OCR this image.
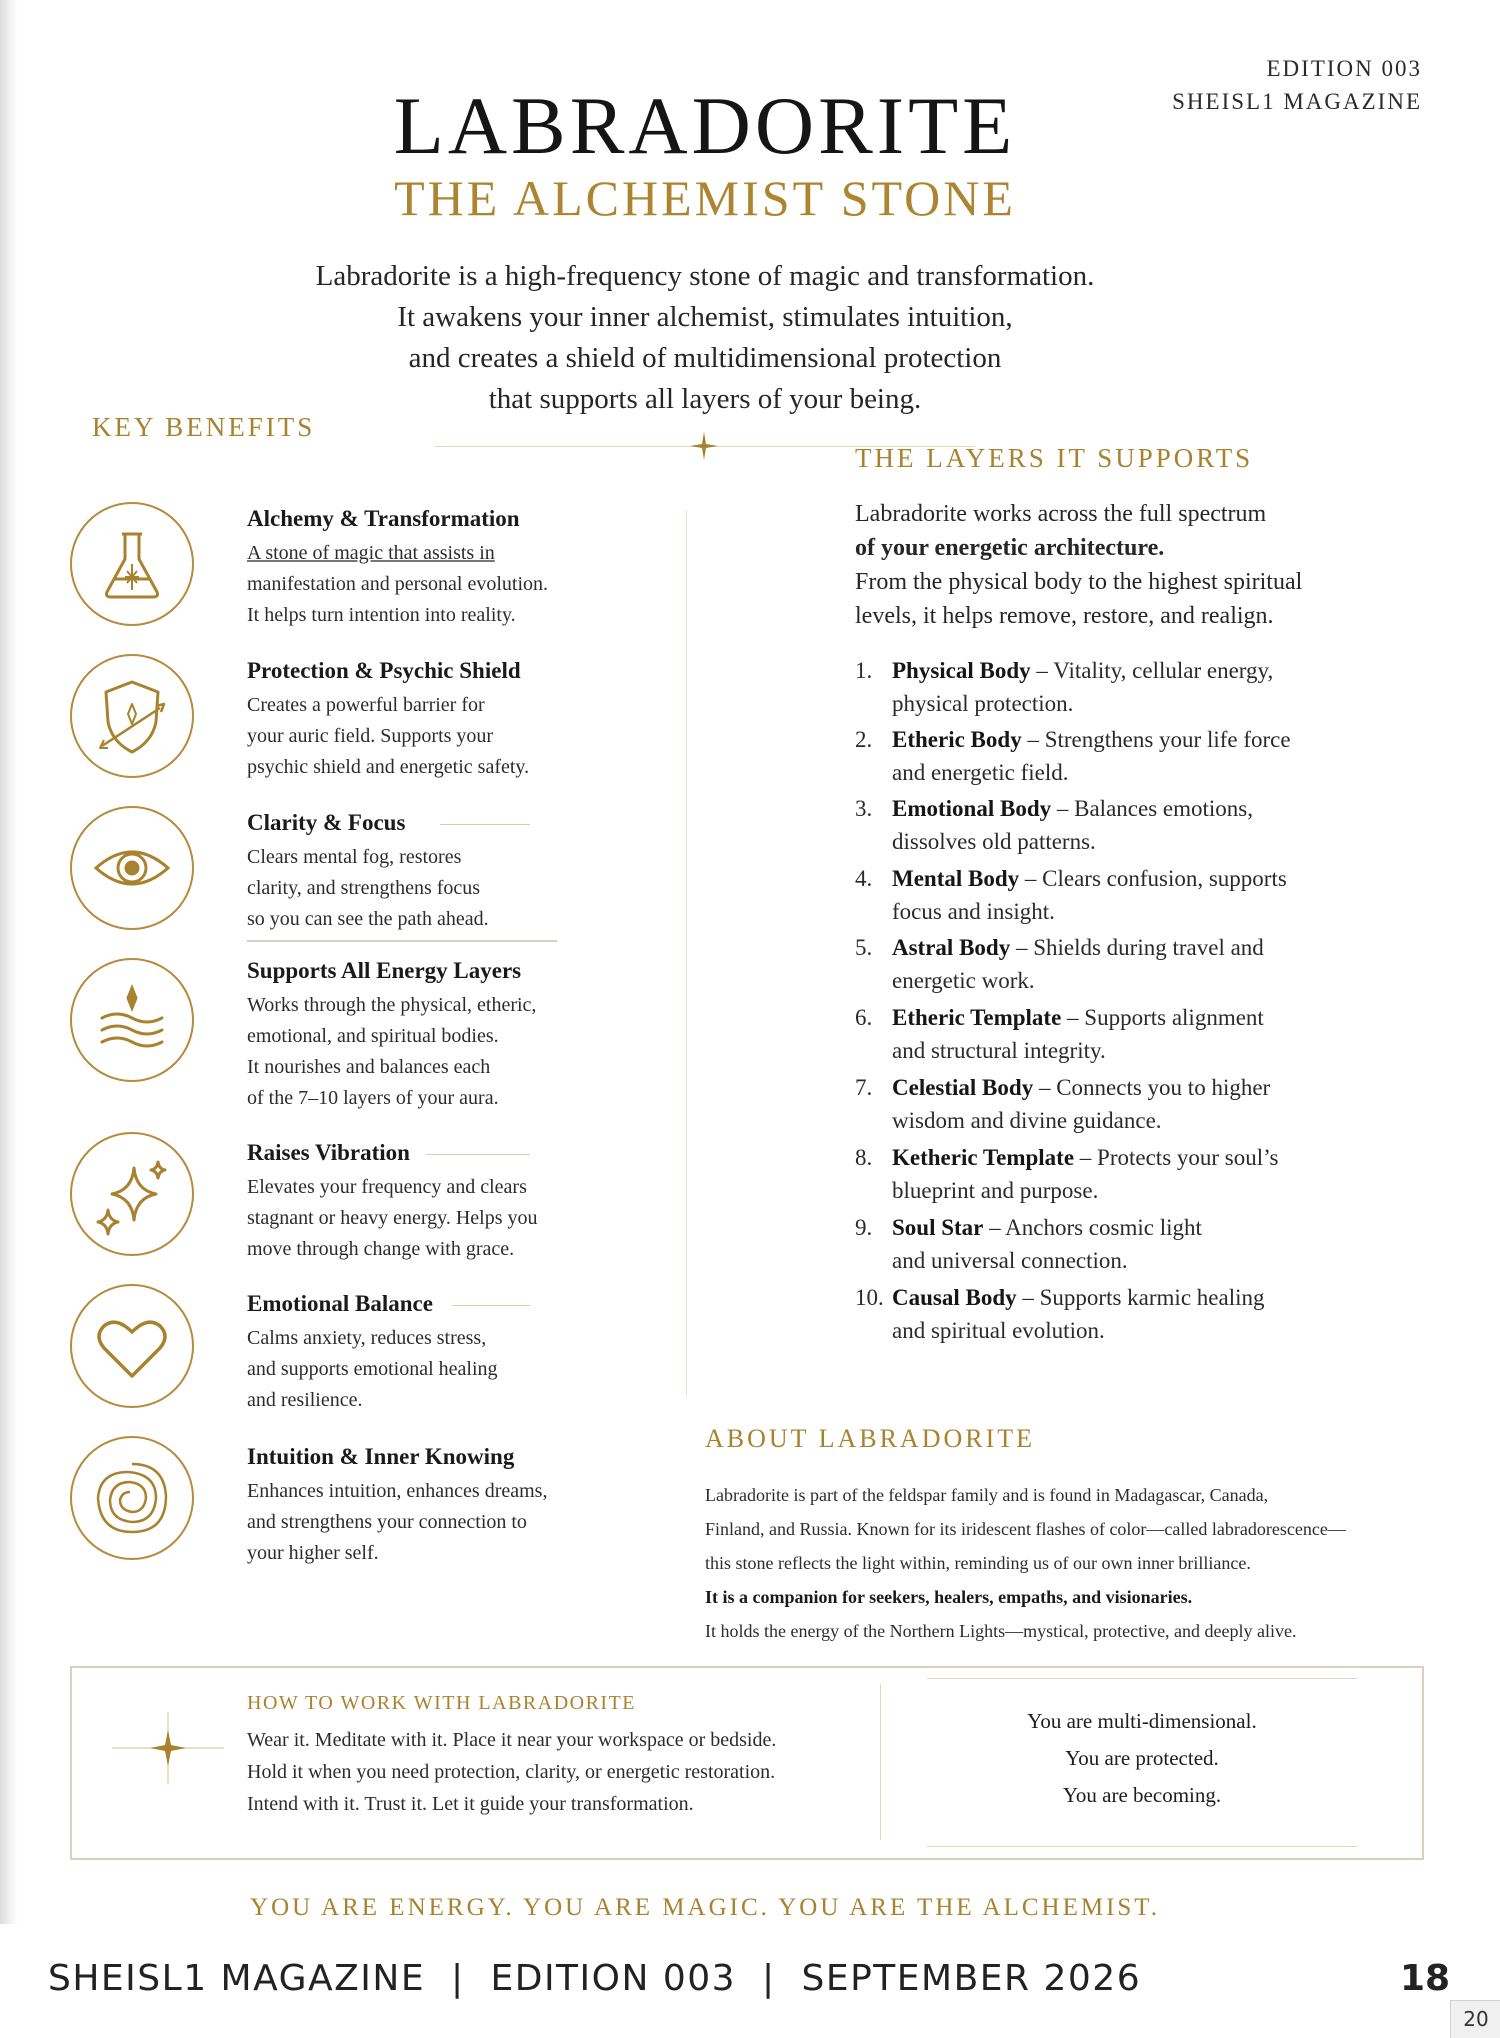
EDITION 003
SHEISL1 MAGAZINE
LABRADORITE
THE ALCHEMIST STONE
Labradorite is a high-frequency stone of magic and transformation.
It awakens your inner alchemist, stimulates intuition,
and creates a shield of multidimensional protection
that supports all layers of your being.
KEY BENEFITS
THE LAYERS IT SUPPORTS
Alchemy & Transformation
A stone of magic that assists in
manifestation and personal evolution.
It helps turn intention into reality.
Protection & Psychic Shield
Creates a powerful barrier for
your auric field. Supports your
psychic shield and energetic safety.
Clarity & Focus
Clears mental fog, restores
clarity, and strengthens focus
so you can see the path ahead.
Supports All Energy Layers
Works through the physical, etheric,
emotional, and spiritual bodies.
It nourishes and balances each
of the 7–10 layers of your aura.
Raises Vibration
Elevates your frequency and clears
stagnant or heavy energy. Helps you
move through change with grace.
Emotional Balance
Calms anxiety, reduces stress,
and supports emotional healing
and resilience.
Intuition & Inner Knowing
Enhances intuition, enhances dreams,
and strengthens your connection to
your higher self.
Labradorite works across the full spectrum
of your energetic architecture.
From the physical body to the highest spiritual
levels, it helps remove, restore, and realign.
1. Physical Body – Vitality, cellular energy,
physical protection.
2. Etheric Body – Strengthens your life force
and energetic field.
3. Emotional Body – Balances emotions,
dissolves old patterns.
4. Mental Body – Clears confusion, supports
focus and insight.
5. Astral Body – Shields during travel and
energetic work.
6. Etheric Template – Supports alignment
and structural integrity.
7. Celestial Body – Connects you to higher
wisdom and divine guidance.
8. Ketheric Template – Protects your soul’s
blueprint and purpose.
9. Soul Star – Anchors cosmic light
and universal connection.
10. Causal Body – Supports karmic healing
and spiritual evolution.
ABOUT LABRADORITE
Labradorite is part of the feldspar family and is found in Madagascar, Canada,
Finland, and Russia. Known for its iridescent flashes of color—called labradorescence—
this stone reflects the light within, reminding us of our own inner brilliance.
It is a companion for seekers, healers, empaths, and visionaries.
It holds the energy of the Northern Lights—mystical, protective, and deeply alive.
HOW TO WORK WITH LABRADORITE
Wear it. Meditate with it. Place it near your workspace or bedside.
Hold it when you need protection, clarity, or energetic restoration.
Intend with it. Trust it. Let it guide your transformation.
You are multi-dimensional.
You are protected.
You are becoming.
YOU ARE ENERGY. YOU ARE MAGIC. YOU ARE THE ALCHEMIST.
SHEISL1 MAGAZINE  |  EDITION 003  |  SEPTEMBER 2026	18
20
